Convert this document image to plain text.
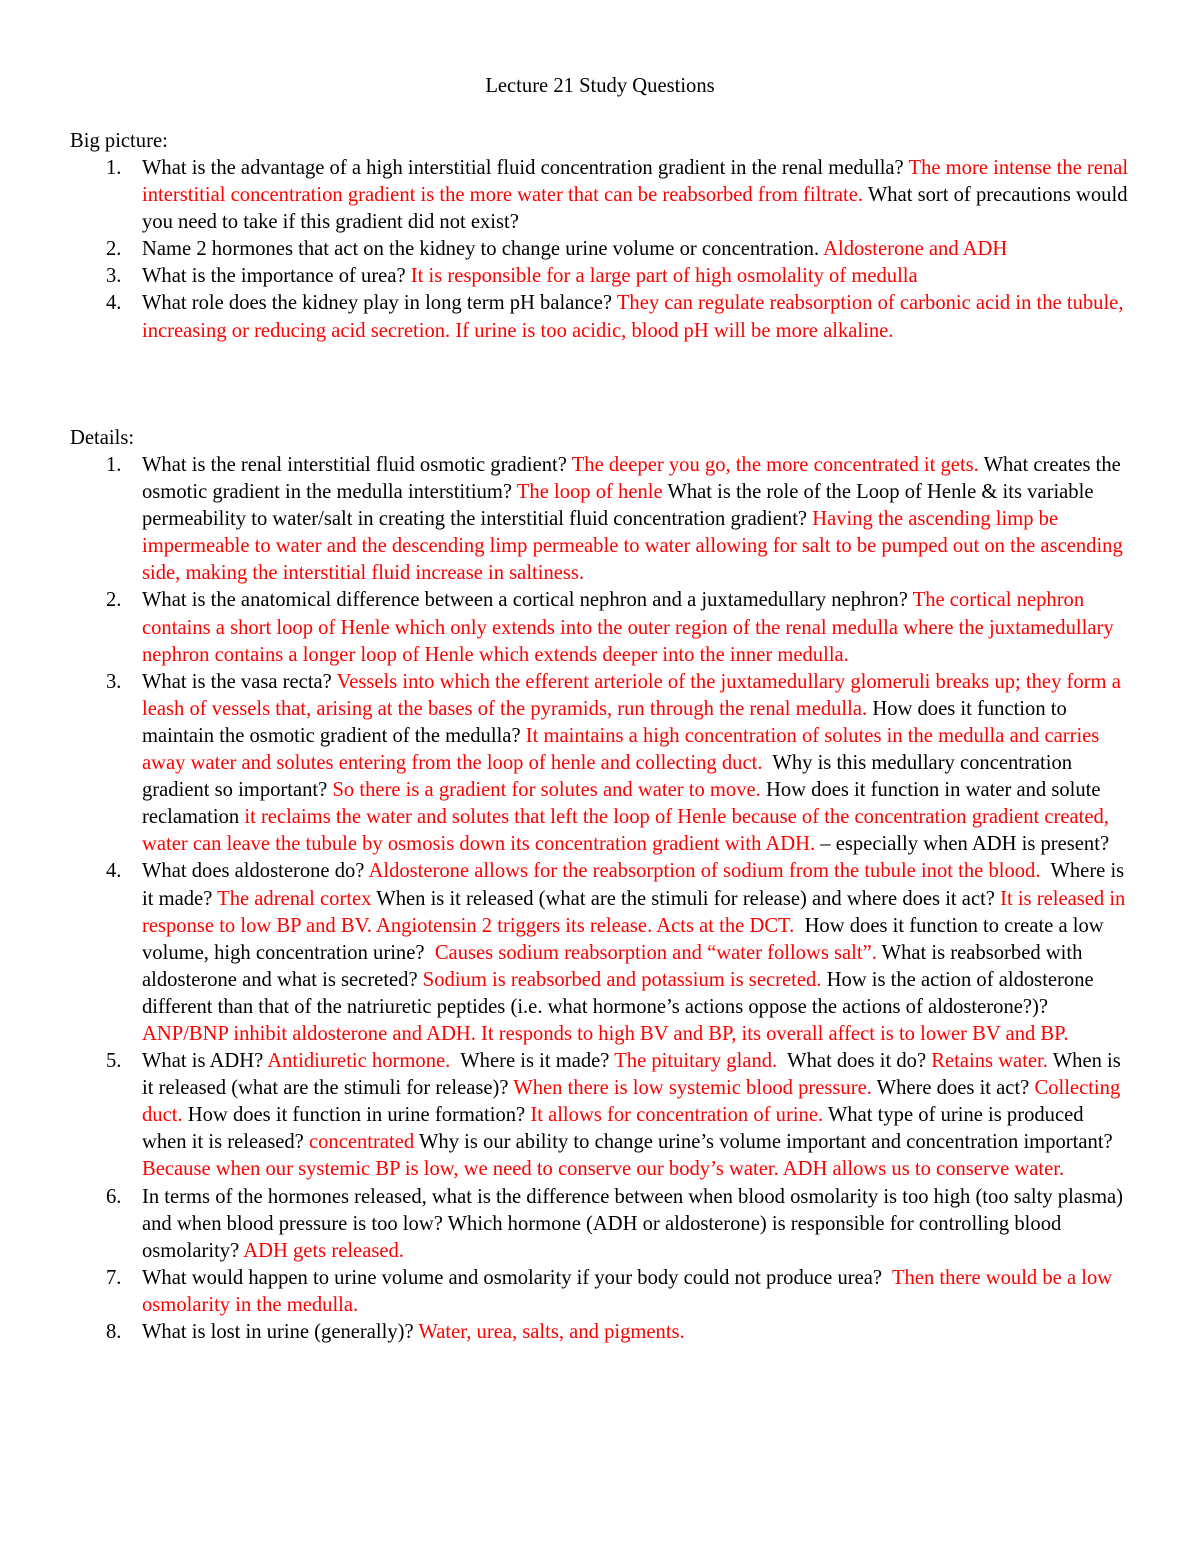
Lecture 21 Study Questions
Big picture:
1. What is the advantage of a high interstitial fluid concentration gradient in the renal medulla? The more intense the renal interstitial concentration gradient is the more water that can be reabsorbed from filtrate. What sort of precautions would you need to take if this gradient did not exist?
2. Name 2 hormones that act on the kidney to change urine volume or concentration. Aldosterone and ADH
3. What is the importance of urea? It is responsible for a large part of high osmolality of medulla
4. What role does the kidney play in long term pH balance? They can regulate reabsorption of carbonic acid in the tubule, increasing or reducing acid secretion. If urine is too acidic, blood pH will be more alkaline.
Details:
1. What is the renal interstitial fluid osmotic gradient? The deeper you go, the more concentrated it gets. What creates the osmotic gradient in the medulla interstitium? The loop of henle What is the role of the Loop of Henle & its variable permeability to water/salt in creating the interstitial fluid concentration gradient? Having the ascending limp be impermeable to water and the descending limp permeable to water allowing for salt to be pumped out on the ascending side, making the interstitial fluid increase in saltiness.
2. What is the anatomical difference between a cortical nephron and a juxtamedullary nephron? The cortical nephron contains a short loop of Henle which only extends into the outer region of the renal medulla where the juxtamedullary nephron contains a longer loop of Henle which extends deeper into the inner medulla.
3. What is the vasa recta? Vessels into which the efferent arteriole of the juxtamedullary glomeruli breaks up; they form a leash of vessels that, arising at the bases of the pyramids, run through the renal medulla. How does it function to maintain the osmotic gradient of the medulla? It maintains a high concentration of solutes in the medulla and carries away water and solutes entering from the loop of henle and collecting duct.  Why is this medullary concentration gradient so important? So there is a gradient for solutes and water to move. How does it function in water and solute reclamation it reclaims the water and solutes that left the loop of Henle because of the concentration gradient created, water can leave the tubule by osmosis down its concentration gradient with ADH. – especially when ADH is present?
4. What does aldosterone do? Aldosterone allows for the reabsorption of sodium from the tubule inot the blood.  Where is it made? The adrenal cortex When is it released (what are the stimuli for release) and where does it act? It is released in response to low BP and BV. Angiotensin 2 triggers its release. Acts at the DCT.  How does it function to create a low volume, high concentration urine?  Causes sodium reabsorption and “water follows salt”. What is reabsorbed with aldosterone and what is secreted? Sodium is reabsorbed and potassium is secreted. How is the action of aldosterone different than that of the natriuretic peptides (i.e. what hormone’s actions oppose the actions of aldosterone?)? ANP/BNP inhibit aldosterone and ADH. It responds to high BV and BP, its overall affect is to lower BV and BP.
5. What is ADH? Antidiuretic hormone.  Where is it made? The pituitary gland.  What does it do? Retains water. When is it released (what are the stimuli for release)? When there is low systemic blood pressure. Where does it act? Collecting duct. How does it function in urine formation? It allows for concentration of urine. What type of urine is produced when it is released? concentrated Why is our ability to change urine’s volume important and concentration important? Because when our systemic BP is low, we need to conserve our body’s water. ADH allows us to conserve water.
6. In terms of the hormones released, what is the difference between when blood osmolarity is too high (too salty plasma) and when blood pressure is too low? Which hormone (ADH or aldosterone) is responsible for controlling blood osmolarity? ADH gets released.
7. What would happen to urine volume and osmolarity if your body could not produce urea?  Then there would be a low osmolarity in the medulla.
8. What is lost in urine (generally)? Water, urea, salts, and pigments.
